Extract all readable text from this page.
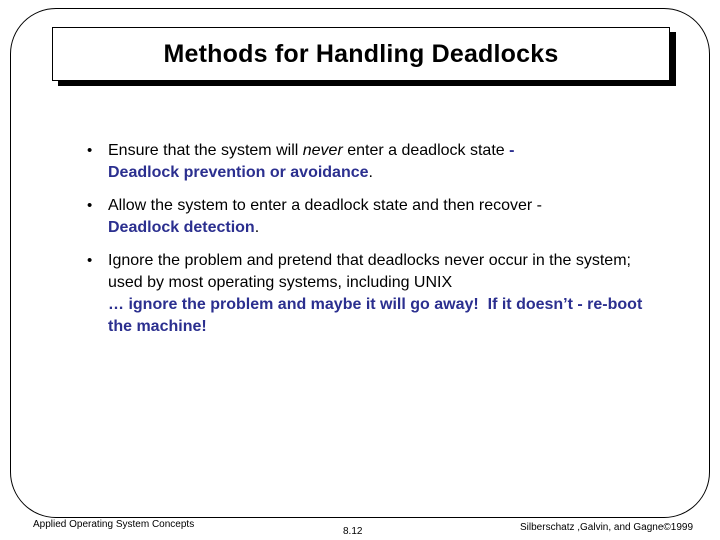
Methods for Handling Deadlocks
• Ensure that the system will never enter a deadlock state -
Deadlock prevention or avoidance.
• Allow the system to enter a deadlock state and then recover -
Deadlock detection.
• Ignore the problem and pretend that deadlocks never occur in the system; used by most operating systems, including UNIX
… ignore the problem and maybe it will go away! If it doesn’t - re-boot the machine!
Applied Operating System Concepts
8.12	Silberschatz ,Galvin, and Gagne©1999
